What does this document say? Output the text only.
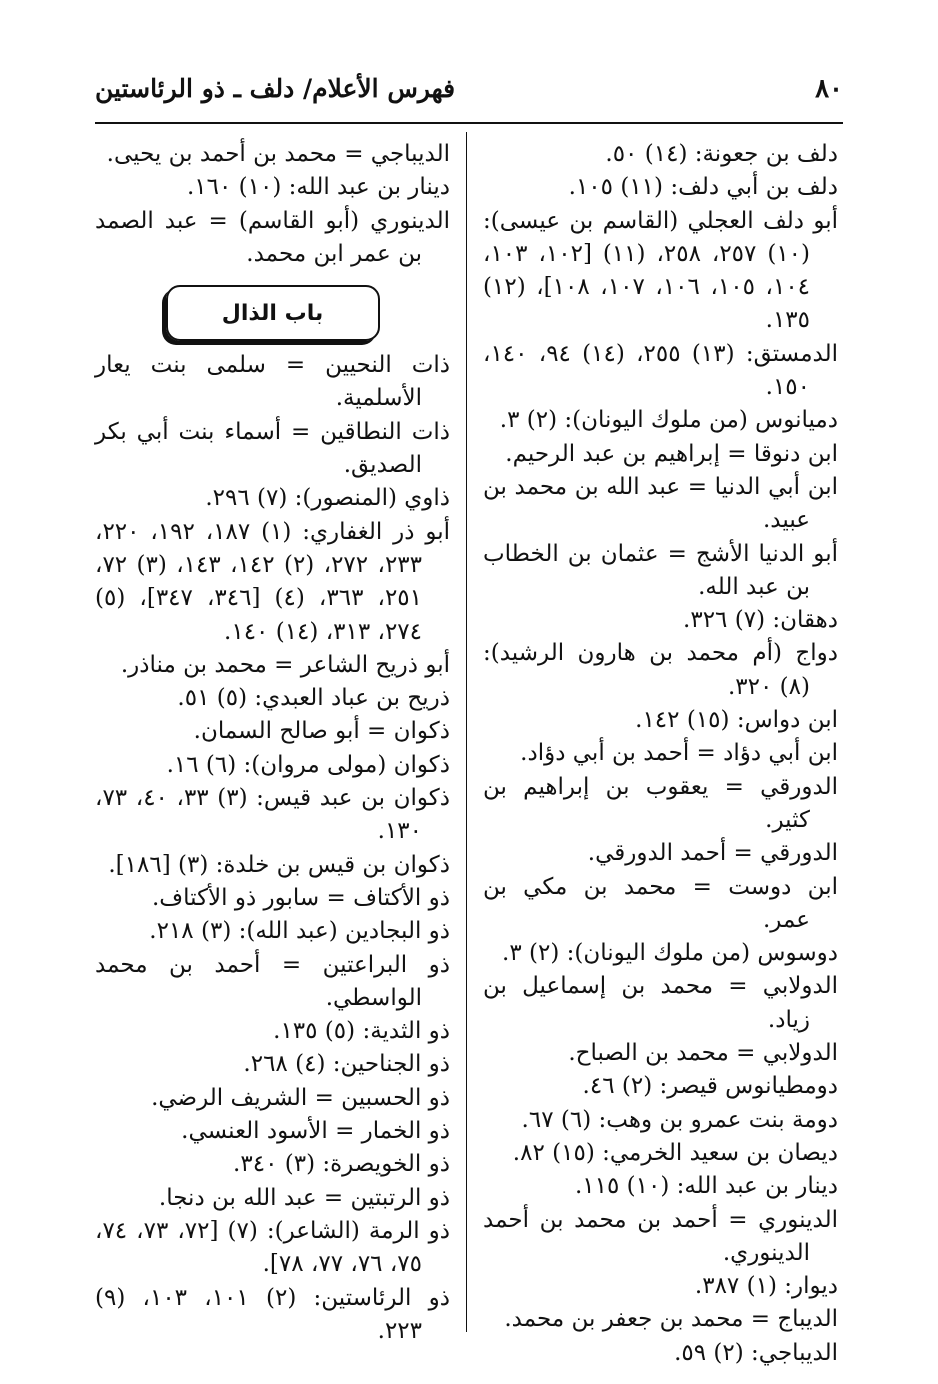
٨٠
فهرس الأعلام/ دلف ـ ذو الرئاستين

دلف بن جعونة: (١٤) ٥٠.

دلف بن أبي دلف: (١١) ١٠٥.

أبو دلف العجلي (القاسم بن عيسى): (١٠) ٢٥٧، ٢٥٨، (١١) [١٠٢، ١٠٣، ١٠٤، ١٠٥، ١٠٦، ١٠٧، ١٠٨]، (١٢) ١٣٥.

الدمستق: (١٣) ٢٥٥، (١٤) ٩٤، ١٤٠، ١٥٠.

دميانوس (من ملوك اليونان): (٢) ٣.

ابن دنوقا = إبراهيم بن عبد الرحيم.

ابن أبي الدنيا = عبد الله بن محمد بن عبيد.

أبو الدنيا الأشج = عثمان بن الخطاب بن عبد الله.

دهقان: (٧) ٣٢٦.

دواج (أم محمد بن هارون الرشيد): (٨) ٣٢٠.

ابن دواس: (١٥) ١٤٢.

ابن أبي دؤاد = أحمد بن أبي دؤاد.

الدورقي = يعقوب بن إبراهيم بن كثير.

الدورقي = أحمد الدورقي.

ابن دوست = محمد بن مكي بن عمر.

دوسوس (من ملوك اليونان): (٢) ٣.

الدولابي = محمد بن إسماعيل بن زياد.

الدولابي = محمد بن الصباح.

دومطيانوس قيصر: (٢) ٤٦.

دومة بنت عمرو بن وهب: (٦) ٦٧.

ديصان بن سعيد الخرمي: (١٥) ٨٢.

دينار بن عبد الله: (١٠) ١١٥.

الدينوري = أحمد بن محمد بن أحمد الدينوري.

ديوار: (١) ٣٨٧.

الديباج = محمد بن جعفر بن محمد.

الديباجي: (٢) ٥٩.

الديباجي = محمد بن أحمد بن يحيى.

دينار بن عبد الله: (١٠) ١٦٠.

الدينوري (أبو القاسم) = عبد الصمد بن عمر ابن محمد.

باب الذال

ذات النحيين = سلمى بنت يعار الأسلمية.

ذات النطاقين = أسماء بنت أبي بكر الصديق.

ذاوي (المنصور): (٧) ٢٩٦.

أبو ذر الغفاري: (١) ١٨٧، ١٩٢، ٢٢٠، ٢٣٣، ٢٧٢، (٢) ١٤٢، ١٤٣، (٣) ٧٢، ٢٥١، ٣٦٣، (٤) [٣٤٦، ٣٤٧]، (٥) ٢٧٤، ٣١٣، (١٤) ١٤٠.

أبو ذريح الشاعر = محمد بن مناذر.

ذريح بن عباد العبدي: (٥) ٥١.

ذكوان = أبو صالح السمان.

ذكوان (مولى مروان): (٦) ١٦.

ذكوان بن عبد قيس: (٣) ٣٣، ٤٠، ٧٣، ١٣٠.

ذكوان بن قيس بن خلدة: (٣) [١٨٦].

ذو الأكتاف = سابور ذو الأكتاف.

ذو البجادين (عبد الله): (٣) ٢١٨.

ذو البراعتين = أحمد بن محمد الواسطي.

ذو الثدية: (٥) ١٣٥.

ذو الجناحين: (٤) ٢٦٨.

ذو الحسبين = الشريف الرضي.

ذو الخمار = الأسود العنسي.

ذو الخويصرة: (٣) ٣٤٠.

ذو الرتبتين = عبد الله بن دنجا.

ذو الرمة (الشاعر): (٧) [٧٢، ٧٣، ٧٤، ٧٥، ٧٦، ٧٧، ٧٨].

ذو الرئاستين: (٢) ١٠١، ١٠٣، (٩) ٢٢٣.
